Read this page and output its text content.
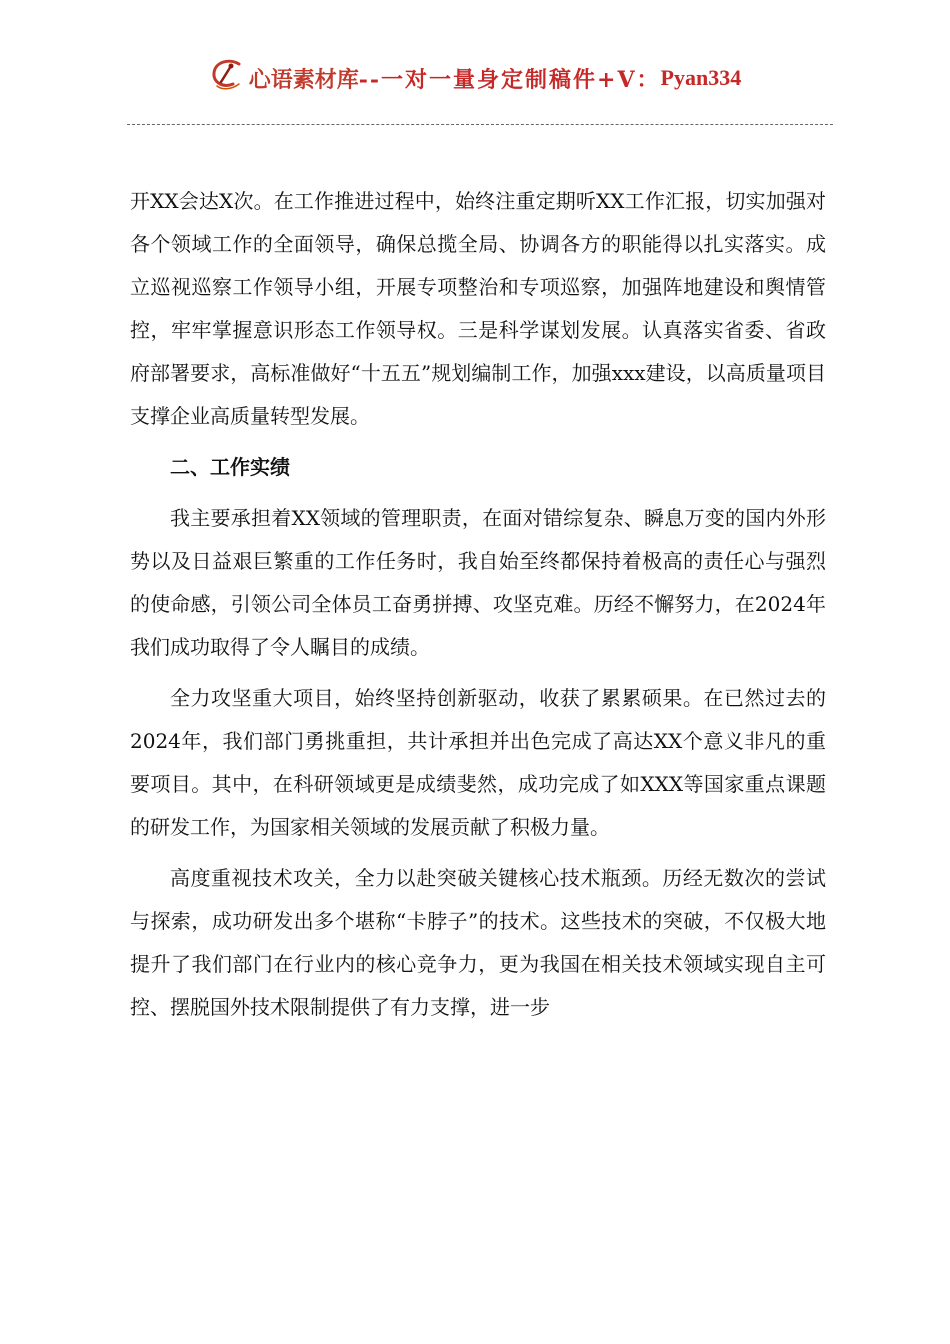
心语素材库--一对一量身定制稿件+V：Pyan334

开XX会达X次。在工作推进过程中，始终注重定期听XX工作汇报，切实加强对各个领域工作的全面领导，确保总揽全局、协调各方的职能得以扎实落实。成立巡视巡察工作领导小组，开展专项整治和专项巡察，加强阵地建设和舆情管控，牢牢掌握意识形态工作领导权。三是科学谋划发展。认真落实省委、省政府部署要求，高标准做好“十五五”规划编制工作，加强xxx建设，以高质量项目支撑企业高质量转型发展。

二、工作实绩

我主要承担着XX领域的管理职责，在面对错综复杂、瞬息万变的国内外形势以及日益艰巨繁重的工作任务时，我自始至终都保持着极高的责任心与强烈的使命感，引领公司全体员工奋勇拼搏、攻坚克难。历经不懈努力，在2024年我们成功取得了令人瞩目的成绩。

全力攻坚重大项目，始终坚持创新驱动，收获了累累硕果。在已然过去的2024年，我们部门勇挑重担，共计承担并出色完成了高达XX个意义非凡的重要项目。其中，在科研领域更是成绩斐然，成功完成了如XXX等国家重点课题的研发工作，为国家相关领域的发展贡献了积极力量。

高度重视技术攻关，全力以赴突破关键核心技术瓶颈。历经无数次的尝试与探索，成功研发出多个堪称“卡脖子”的技术。这些技术的突破，不仅极大地提升了我们部门在行业内的核心竞争力，更为我国在相关技术领域实现自主可控、摆脱国外技术限制提供了有力支撑，进一步
